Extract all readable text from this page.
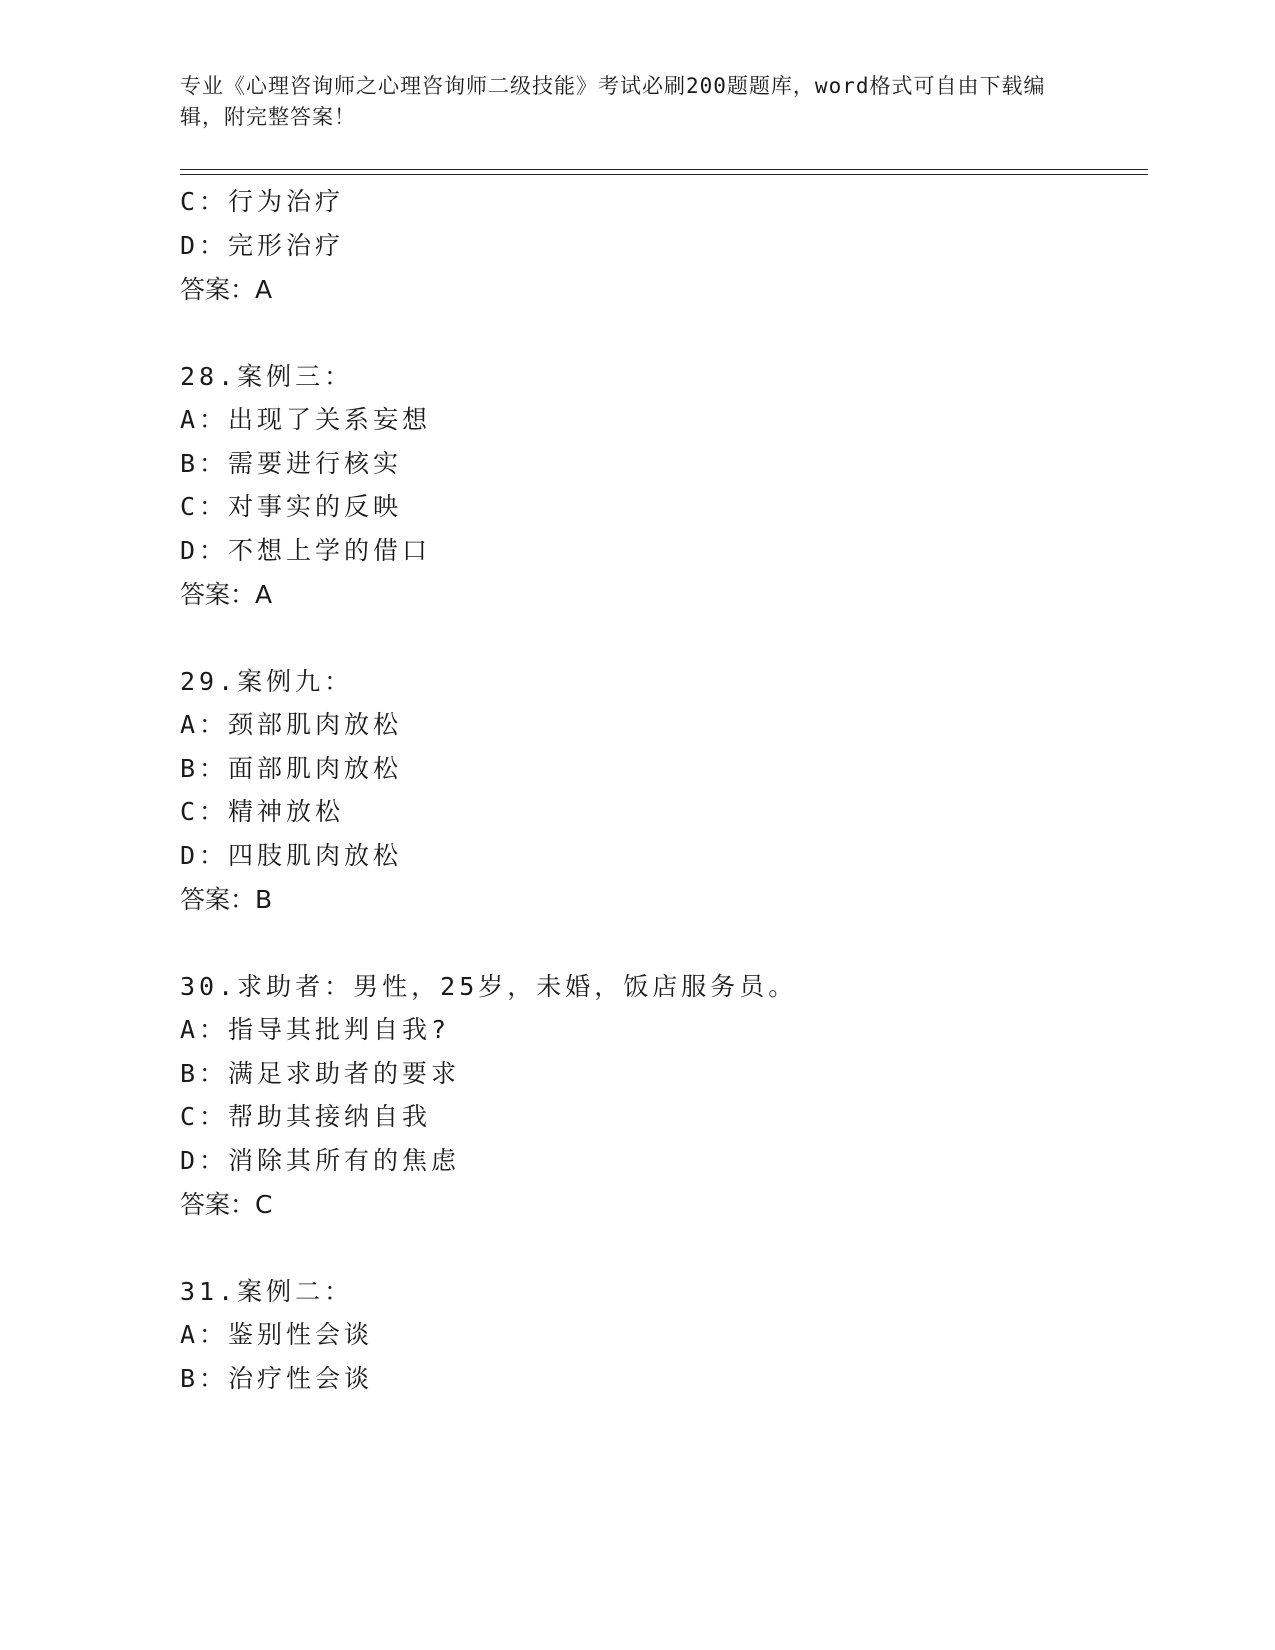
专业《心理咨询师之心理咨询师二级技能》考试必刷200题题库，word格式可自由下载编辑，附完整答案！
C：行为治疗
D：完形治疗
答案：A
28.案例三：
A：出现了关系妄想
B：需要进行核实
C：对事实的反映
D：不想上学的借口
答案：A
29.案例九：
A：颈部肌肉放松
B：面部肌肉放松
C：精神放松
D：四肢肌肉放松
答案：B
30.求助者：男性，25岁，未婚，饭店服务员。
A：指导其批判自我?
B：满足求助者的要求
C：帮助其接纳自我
D：消除其所有的焦虑
答案：C
31.案例二：
A：鉴别性会谈
B：治疗性会谈
